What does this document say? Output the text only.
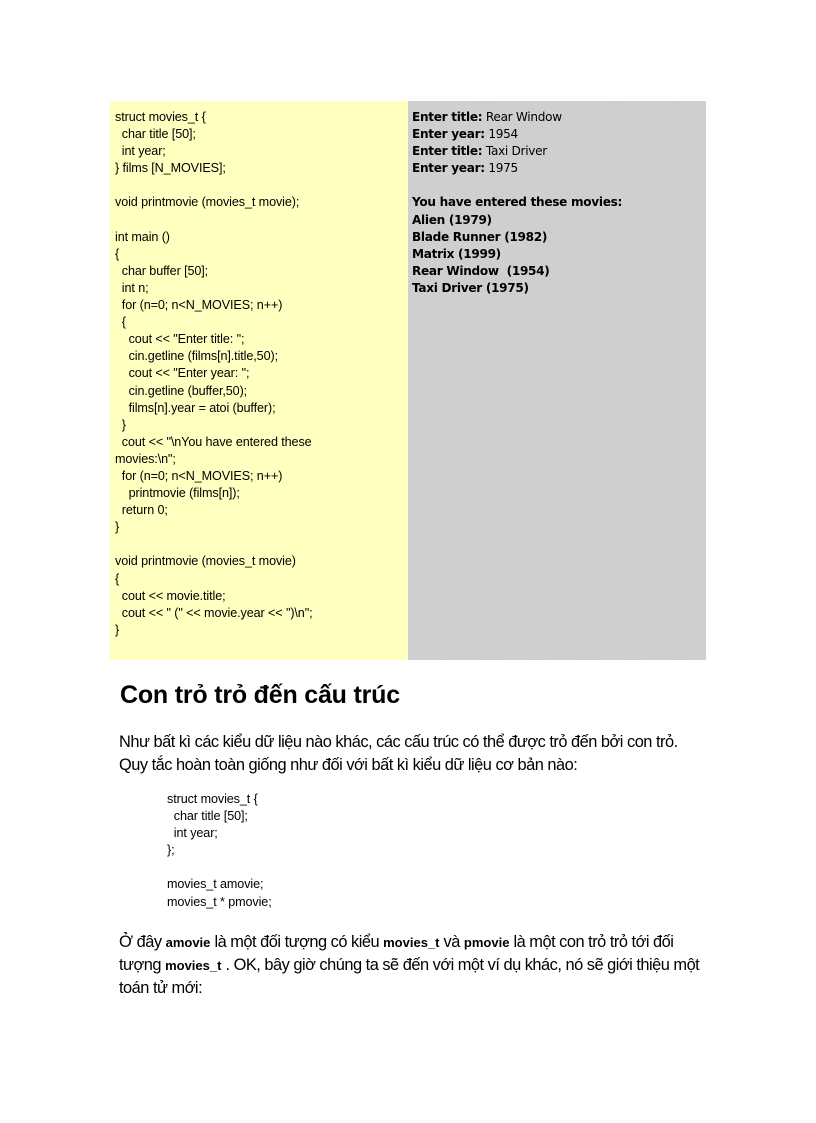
struct movies_t {
char title [50];
int year;
} films [N_MOVIES];
void printmovie (movies_t movie);
int main ()
{
char buffer [50];
int n;
for (n=0; n<N_MOVIES; n++)
{
cout << "Enter title: ";
cin.getline (films[n].title,50);
cout << "Enter year: ";
cin.getline (buffer,50);
films[n].year = atoi (buffer);
}
cout << "\nYou have entered these
movies:\n";
for (n=0; n<N_MOVIES; n++)
printmovie (films[n]);
return 0;
}
void printmovie (movies_t movie)
{
cout << movie.title;
cout << " (" << movie.year << ")\n";
}
Enter title: Rear Window
Enter year: 1954
Enter title: Taxi Driver
Enter year: 1975
You have entered these movies:
Alien (1979)
Blade Runner (1982)
Matrix (1999)
Rear Window  (1954)
Taxi Driver (1975)
Con trỏ trỏ đến cấu trúc

Như bất kì các kiểu dữ liệu nào khác, các cấu trúc có thể được trỏ đến bởi con trỏ. Quy tắc hoàn toàn giống như đối với bất kì kiểu dữ liệu cơ bản nào:

struct movies_t {
char title [50];
int year;
};
movies_t amovie;
movies_t * pmovie;

Ở đây amovie là một đối tượng có kiểu movies_t và pmovie là một con trỏ trỏ tới đối tượng movies_t . OK, bây giờ chúng ta sẽ đến với một ví dụ khác, nó sẽ giới thiệu một toán tử mới:
